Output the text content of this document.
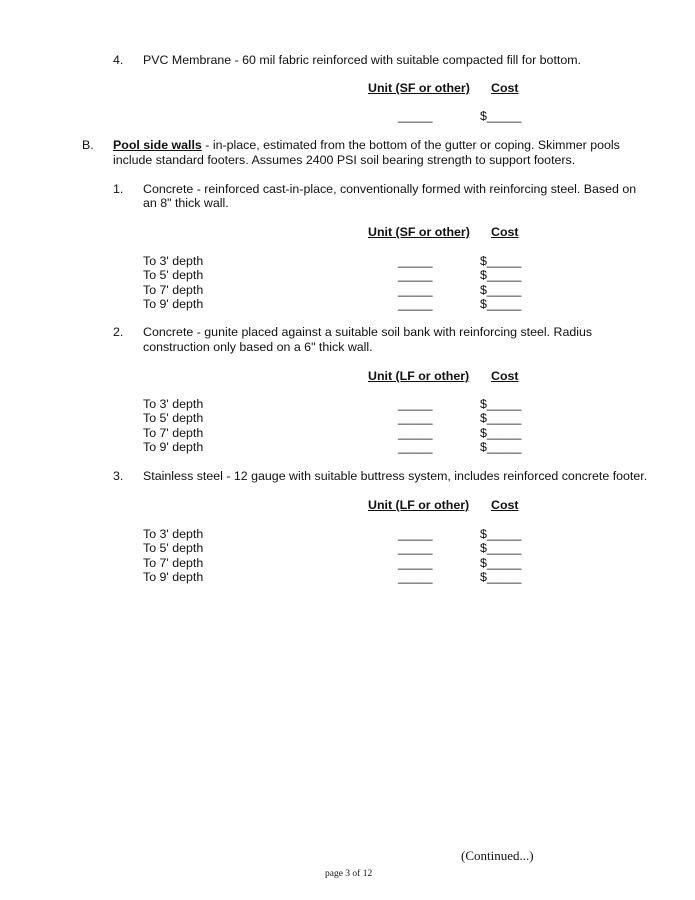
4. PVC Membrane - 60 mil fabric reinforced with suitable compacted fill for bottom.
Unit (SF or other) Cost
_____	$_____
B. Pool side walls - in-place, estimated from the bottom of the gutter or coping. Skimmer pools
include standard footers. Assumes 2400 PSI soil bearing strength to support footers.
1. Concrete - reinforced cast-in-place, conventionally formed with reinforcing steel. Based on
an 8" thick wall.
Unit (SF or other) Cost
To 3' depth	_____	$_____
To 5' depth	_____	$_____
To 7' depth	_____	$_____
To 9' depth	_____	$_____
2. Concrete - gunite placed against a suitable soil bank with reinforcing steel. Radius
construction only based on a 6" thick wall.
Unit (LF or other) Cost
To 3' depth	_____	$_____
To 5' depth	_____	$_____
To 7' depth	_____	$_____
To 9' depth	_____	$_____
3. Stainless steel - 12 gauge with suitable buttress system, includes reinforced concrete footer.
Unit (LF or other) Cost
To 3' depth	_____	$_____
To 5' depth	_____	$_____
To 7' depth	_____	$_____
To 9' depth	_____	$_____
(Continued...)
page 3 of 12
